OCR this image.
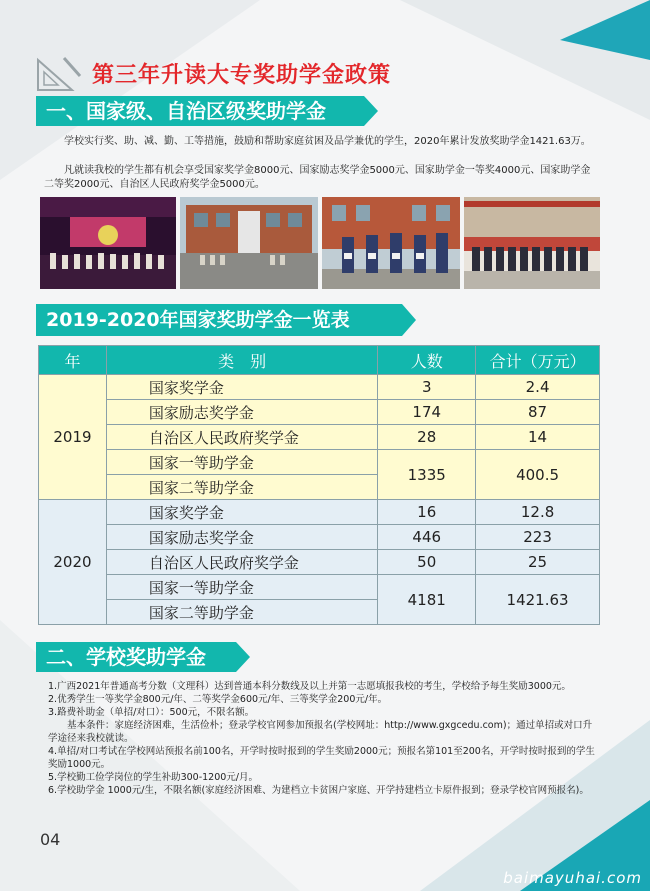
第三年升读大专奖助学金政策
一、国家级、自治区级奖助学金
学校实行奖、助、减、勤、工等措施，鼓励和帮助家庭贫困及品学兼优的学生，2020年累计发放奖助学金1421.63万。
凡就读我校的学生都有机会享受国家奖学金8000元、国家励志奖学金5000元、国家助学金一等奖4000元、国家助学金二等奖2000元、自治区人民政府奖学金5000元。
2019-2020年国家奖助学金一览表
年	类　别	人数	合计（万元）
2019	国家奖学金	3	2.4
	国家励志奖学金	174	87
	自治区人民政府奖学金	28	14
	国家一等助学金	1335	400.5
	国家二等助学金		
2020	国家奖学金	16	12.8
	国家励志奖学金	446	223
	自治区人民政府奖学金	50	25
	国家一等助学金	4181	1421.63
	国家二等助学金		
二、学校奖助学金

1.广西2021年普通高考分数（文理科）达到普通本科分数线及以上并第一志愿填报我校的考生，学校给予每生奖励3000元。

2.优秀学生一等奖学金800元/年、二等奖学金600元/年、三等奖学金200元/年。

3.路费补助金（单招/对口）：500元，不限名额。

基本条件：家庭经济困难，生活俭朴；登录学校官网参加预报名(学校网址：http://www.gxgcedu.com)；通过单招或对口升学途径来我校就读。

4.单招/对口考试在学校网站预报名前100名，开学时按时报到的学生奖励2000元；预报名第101至200名，开学时按时报到的学生奖励1000元。

5.学校勤工俭学岗位的学生补助300-1200元/月。

6.学校助学金 1000元/生，不限名额(家庭经济困难、为建档立卡贫困户家庭、开学持建档立卡原件报到；登录学校官网预报名)。

04
baimayuhai.com
